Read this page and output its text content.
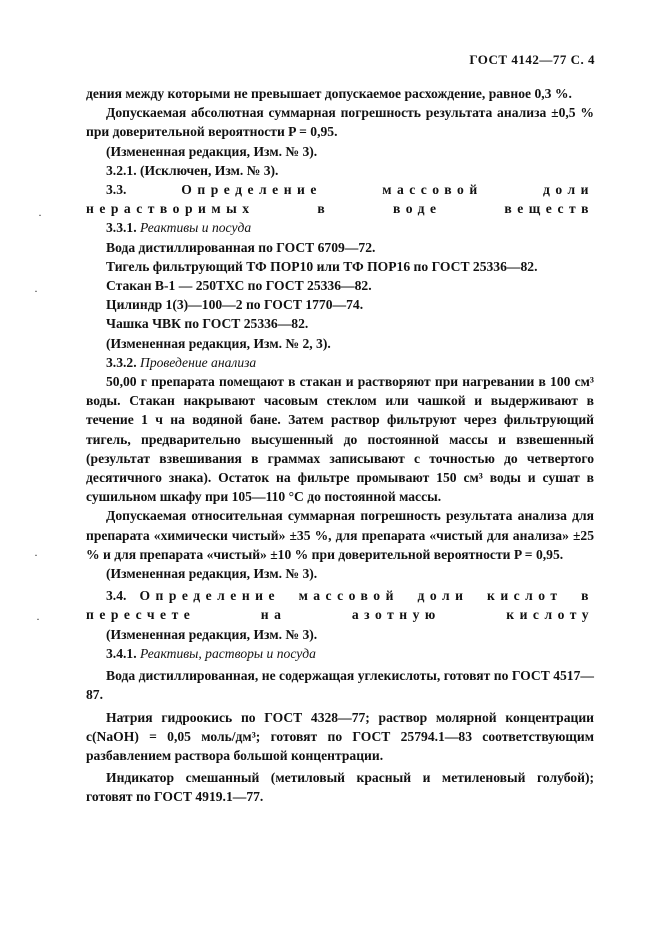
ГОСТ 4142—77 С. 4
·
·
·
·

дения между которыми не превышает допускаемое расхождение, равное 0,3 %.

Допускаемая абсолютная суммарная погрешность результата анализа ±0,5 % при доверительной вероятности P = 0,95.

(Измененная редакция, Изм. № 3).

3.2.1. (Исключен, Изм. № 3).

3.3.	Определение массовой доли нерастворимых в воде веществ

3.3.1. Реактивы и посуда

Вода дистиллированная по ГОСТ 6709—72.

Тигель фильтрующий ТФ ПОР10 или ТФ ПОР16 по ГОСТ 25336—82.

Стакан В-1 — 250ТХС по ГОСТ 25336—82.

Цилиндр 1(3)—100—2 по ГОСТ 1770—74.

Чашка ЧВК по ГОСТ 25336—82.

(Измененная редакция, Изм. № 2, 3).

3.3.2. Проведение анализа

50,00 г препарата помещают в стакан и растворяют при нагревании в 100 см³ воды. Стакан накрывают часовым стеклом или чашкой и выдерживают в течение 1 ч на водяной бане. Затем раствор фильтруют через фильтрующий тигель, предварительно высушенный до постоянной массы и взвешенный (результат взвешивания в граммах записывают с точностью до четвертого десятичного знака). Остаток на фильтре промывают 150 см³ воды и сушат в сушильном шкафу при 105—110 °С до постоянной массы.

Допускаемая относительная суммарная погрешность результата анализа для препарата «химически чистый» ±35 %, для препарата «чистый для анализа» ±25 % и для препарата «чистый» ±10 % при доверительной вероятности P = 0,95.

(Измененная редакция, Изм. № 3).

3.4. Определение массовой доли кислот в пересчете на азотную кислоту

(Измененная редакция, Изм. № 3).

3.4.1. Реактивы, растворы и посуда

Вода дистиллированная, не содержащая углекислоты, готовят по ГОСТ 4517—87.

Натрия гидроокись по ГОСТ 4328—77; раствор молярной концентрации c(NaOH) = 0,05 моль/дм³; готовят по ГОСТ 25794.1—83 соответствующим разбавлением раствора большой концентрации.

Индикатор смешанный (метиловый красный и метиленовый голубой); готовят по ГОСТ 4919.1—77.
